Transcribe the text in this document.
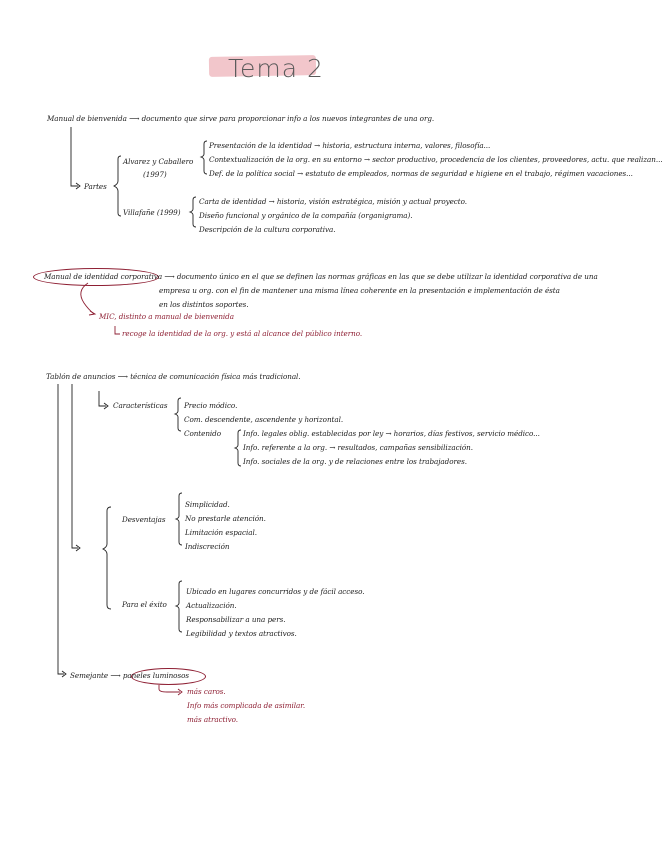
Tema 2
Manual de bienvenida ⟶ documento que sirve para proporcionar info a los nuevos integrantes de una org.
Partes
Alvarez y Caballero
(1997)
Presentación de la identidad → historia, estructura interna, valores, filosofía...
Contextualización de la org. en su entorno → sector productivo, procedencia de los clientes, proveedores, actu. que realizan...
Def. de la política social → estatuto de empleados, normas de seguridad e higiene en el trabajo, régimen vacaciones...
Villafañe (1999)
Carta de identidad → historia, visión estratégica, misión y actual proyecto.
Diseño funcional y orgánico de la compañía (organigrama).
Descripción de la cultura corporativa.
Manual de identidad corporativa ⟶ documento único en el que se definen las normas gráficas en las que se debe utilizar la identidad corporativa de una
empresa u org. con el fin de mantener una misma línea coherente en la presentación e implementación de ésta
en los distintos soportes.
MIC, distinto a manual de bienvenida
recoge la identidad de la org. y está al alcance del público interno.
Tablón de anuncios ⟶ técnica de comunicación física más tradicional.
Características Precio módico.
Com. descendente, ascendente y horizontal.
Contenido	Info. legales oblig. establecidas por ley → horarios, días festivos, servicio médico...
Info. referente a la org. → resultados, campañas sensibilización.
Info. sociales de la org. y de relaciones entre los trabajadores.
Desventajas
Simplicidad.
No prestarle atención.
Limitación espacial.
Indiscreción
Para el éxito
Ubicado en lugares concurridos y de fácil acceso.
Actualización.
Responsabilizar a una pers.
Legibilidad y textos atractivos.
Semejante ⟶ paneles luminosos
más caros.
Info más complicada de asimilar.
más atractivo.
